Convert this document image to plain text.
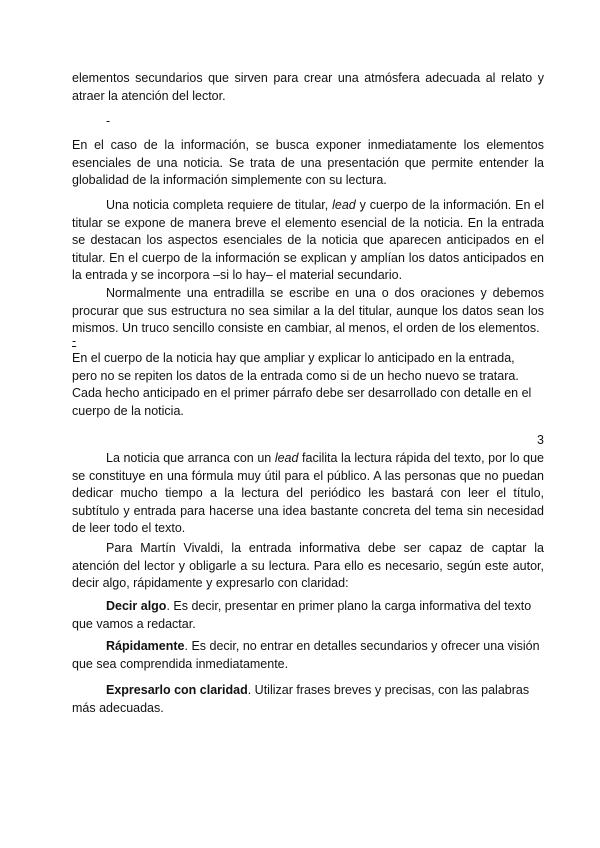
elementos secundarios que sirven para crear una atmósfera adecuada al relato y atraer la atención del lector.

-

En el caso de la información, se busca exponer inmediatamente los elementos esenciales de una noticia. Se trata de una presentación que permite entender la globalidad de la información simplemente con su lectura.

Una noticia completa requiere de titular, lead y cuerpo de la información. En el titular se expone de manera breve el elemento esencial de la noticia. En la entrada se destacan los aspectos esenciales de la noticia que aparecen anticipados en el titular. En el cuerpo de la información se explican y amplían los datos anticipados en la entrada y se incorpora –si lo hay– el material secundario.

Normalmente una entradilla se escribe en una o dos oraciones y debemos procurar que sus estructura no sea similar a la del titular, aunque los datos sean los mismos. Un truco sencillo consiste en cambiar, al menos, el orden de los elementos.

-
En el cuerpo de la noticia hay que ampliar y explicar lo anticipado en la entrada,
pero no se repiten los datos de la entrada como si de un hecho nuevo se tratara.
Cada hecho anticipado en el primer párrafo debe ser desarrollado con detalle en el
cuerpo de la noticia.
3

La noticia que arranca con un lead facilita la lectura rápida del texto, por lo que se constituye en una fórmula muy útil para el público. A las personas que no puedan dedicar mucho tiempo a la lectura del periódico les bastará con leer el título, subtítulo y entrada para hacerse una idea bastante concreta del tema sin necesidad de leer todo el texto.

Para Martín Vivaldi, la entrada informativa debe ser capaz de captar la atención del lector y obligarle a su lectura. Para ello es necesario, según este autor, decir algo, rápidamente y expresarlo con claridad:

Decir algo. Es decir, presentar en primer plano la carga informativa del texto que vamos a redactar.

Rápidamente. Es decir, no entrar en detalles secundarios y ofrecer una visión que sea comprendida inmediatamente.

Expresarlo con claridad. Utilizar frases breves y precisas, con las palabras más adecuadas.
